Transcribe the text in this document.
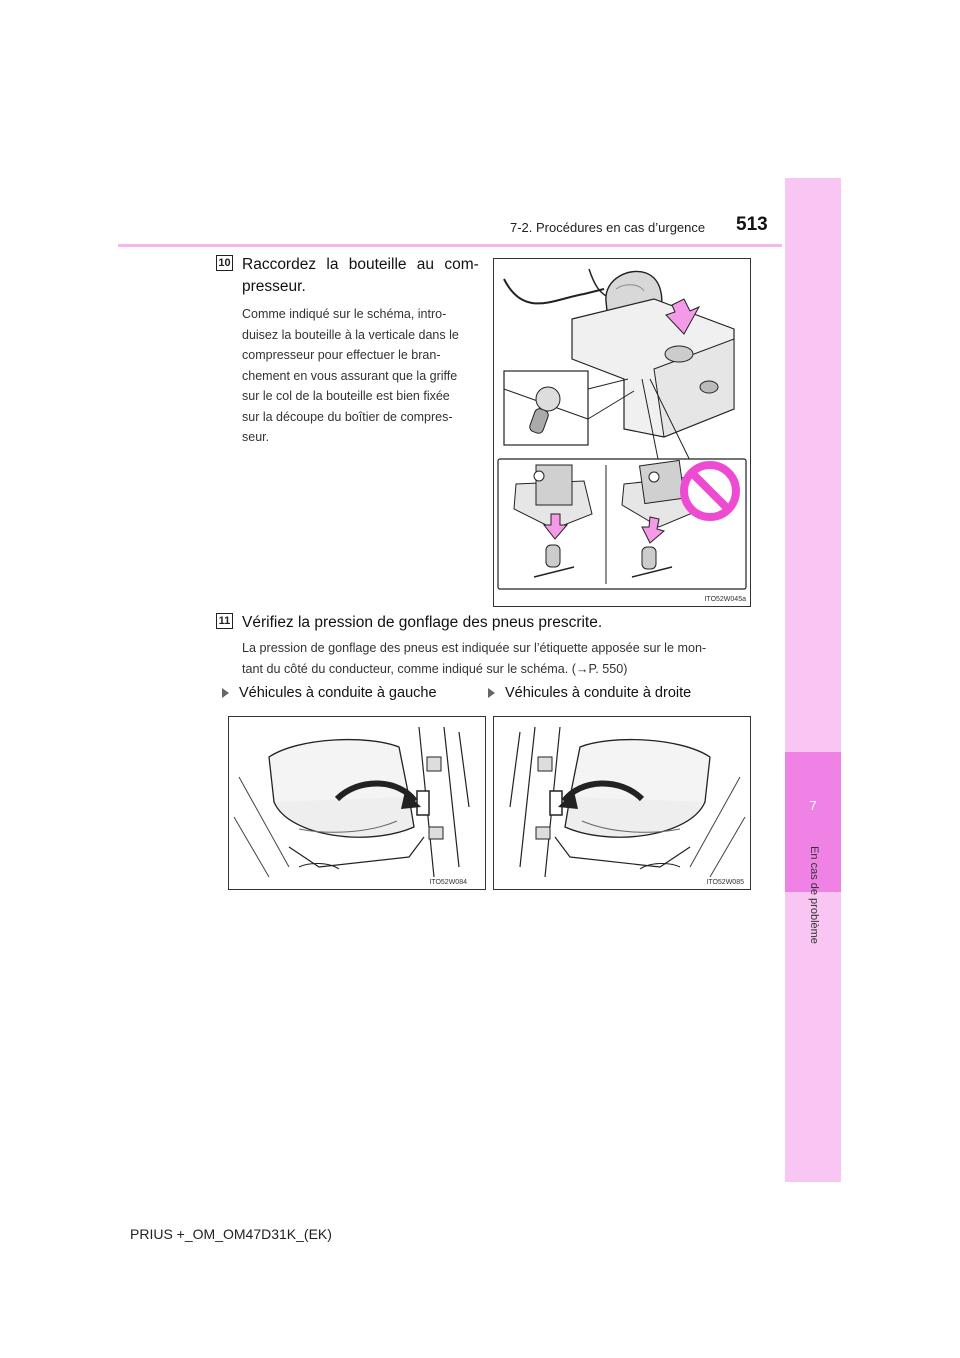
7-2. Procédures en cas d’urgence 513
7
En cas de problème
10 Raccordez la bouteille au com-
presseur.
Comme indiqué sur le schéma, intro-
duisez la bouteille à la verticale dans le
compresseur pour effectuer le bran-
chement en vous assurant que la griffe
sur le col de la bouteille est bien fixée
sur la découpe du boîtier de compres-
seur.
ITO52W045a
11 Vérifiez la pression de gonflage des pneus prescrite.
La pression de gonflage des pneus est indiquée sur l’étiquette apposée sur le mon-
tant du côté du conducteur, comme indiqué sur le schéma. (→P. 550)
Véhicules à conduite à gauche	Véhicules à conduite à droite
ITO52W084	ITO52W085
PRIUS +_OM_OM47D31K_(EK)
